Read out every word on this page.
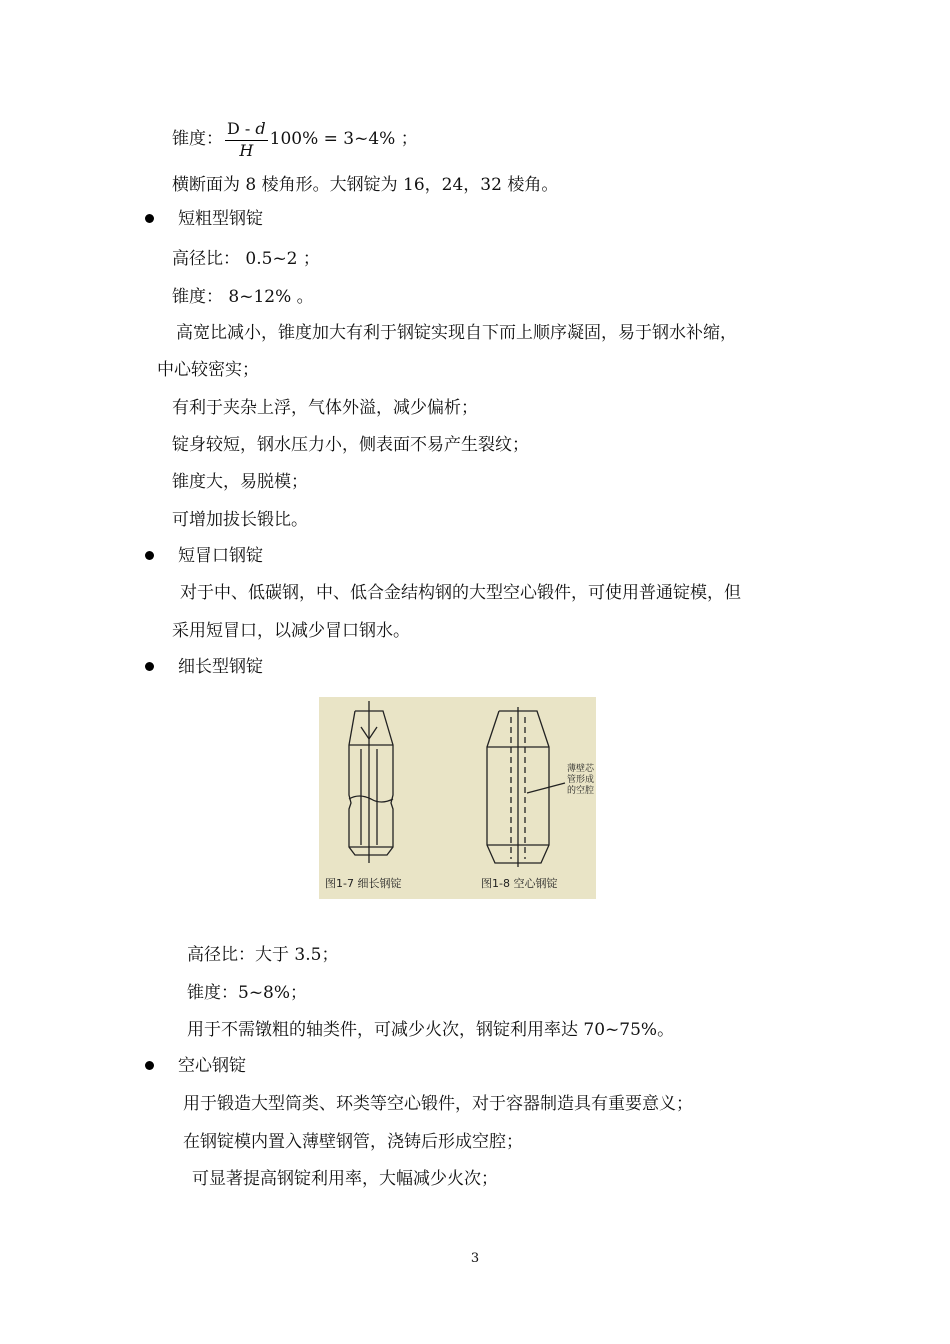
锥度： $\frac{D - d}{H} 100\%$ = 3~4% ；
横断面为 8 棱角形。大钢锭为 16，24，32 棱角。
短粗型钢锭
高径比： 0.5~2 ；
锥度： 8~12% 。
高宽比减小，锥度加大有利于钢锭实现自下而上顺序凝固，易于钢水补缩，
中心较密实；
有利于夹杂上浮，气体外溢，减少偏析；
锭身较短，钢水压力小，侧表面不易产生裂纹；
锥度大，易脱模；
可增加拔长锻比。
短冒口钢锭
对于中、低碳钢，中、低合金结构钢的大型空心锻件，可使用普通锭模，但
采用短冒口，以减少冒口钢水。
细长型钢锭
薄壁芯 管形成 的空腔
图1-7 细长钢锭	图1-8 空心钢锭
高径比：大于 3.5；
锥度：5~8%；
用于不需镦粗的轴类件，可减少火次，钢锭利用率达 70~75%。
空心钢锭
用于锻造大型筒类、环类等空心锻件，对于容器制造具有重要意义；
在钢锭模内置入薄壁钢管，浇铸后形成空腔；
可显著提高钢锭利用率，大幅减少火次；
3
